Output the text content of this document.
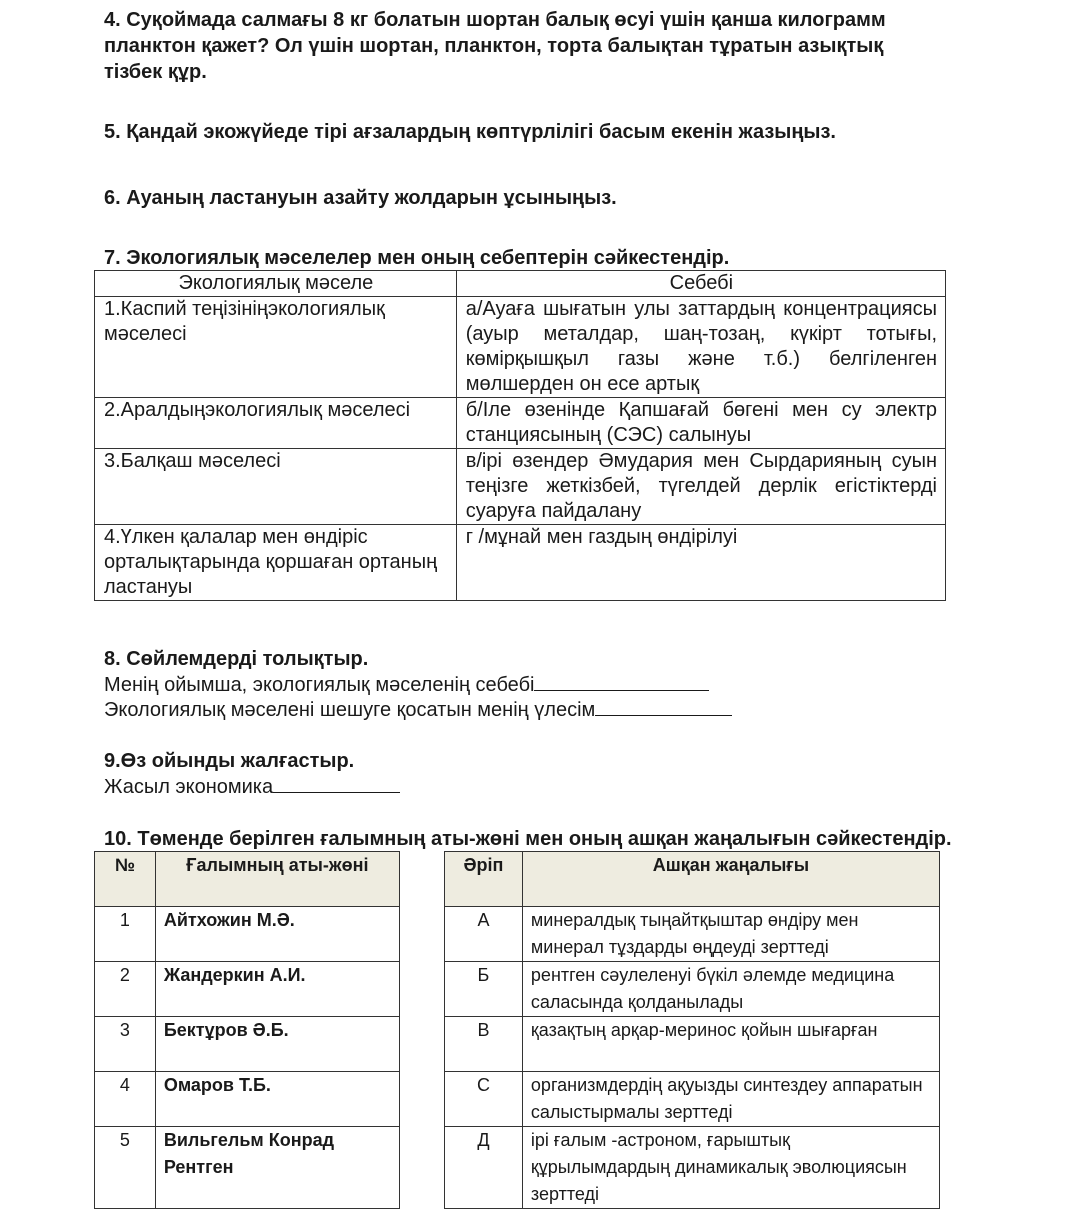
4. Суқоймада салмағы 8 кг болатын шортан балық өсуі үшін қанша килограмм
планктон қажет? Ол үшін шортан, планктон, торта балықтан тұратын азықтық
тізбек құр.
5. Қандай экожүйеде тірі ағзалардың көптүрлілігі басым екенін жазыңыз.
6. Ауаның ластануын азайту жолдарын ұсыныңыз.
7. Экологиялық мәселелер мен оның себептерін сәйкестендір.
Экологиялық мәселе	Себебі
1.Каспий теңізініңэкологиялық мәселесі	а/Ауаға шығатын улы заттардың концентрациясы (ауыр металдар, шаң-тозаң, күкірт тотығы, көмірқышқыл газы және т.б.) белгіленген мөлшерден он есе артық
2.Аралдыңэкологиялық мәселесі	б/Іле өзенінде Қапшағай бөгені мен су электр станциясының (СЭС) салынуы
3.Балқаш мәселесі	в/ірі өзендер Әмудария мен Сырдарияның суын теңізге жеткізбей, түгелдей дерлік егістіктерді суаруға пайдалану
4.Үлкен қалалар мен өндіріс орталықтарында қоршаған ортаның ластануы	г /мұнай мен газдың өндірілуі
8. Сөйлемдерді толықтыр.
Менің ойымша, экологиялық мәселенің себебі
Экологиялық мәселені шешуге қосатын менің үлесім
9.Өз ойынды жалғастыр.
Жасыл экономика
10. Төменде берілген ғалымның аты-жөні мен оның ашқан жаңалығын сәйкестендір.
№	Ғалымның аты-жөні
1	Айтхожин М.Ә.
2	Жандеркин А.И.
3	Бектұров Ә.Б.
4	Омаров Т.Б.
5	Вильгельм Конрад Рентген
Әріп	Ашқан жаңалығы
А	минералдық тыңайтқыштар өндіру мен минерал тұздарды өңдеуді зерттеді
Б	рентген сәулеленуі бүкіл әлемде медицина саласында қолданылады
В	қазақтың арқар-меринос қойын шығарған
С	организмдердің ақуызды синтездеу аппаратын салыстырмалы зерттеді
Д	ірі ғалым -астроном, ғарыштық құрылымдардың динамикалық эволюциясын зерттеді
